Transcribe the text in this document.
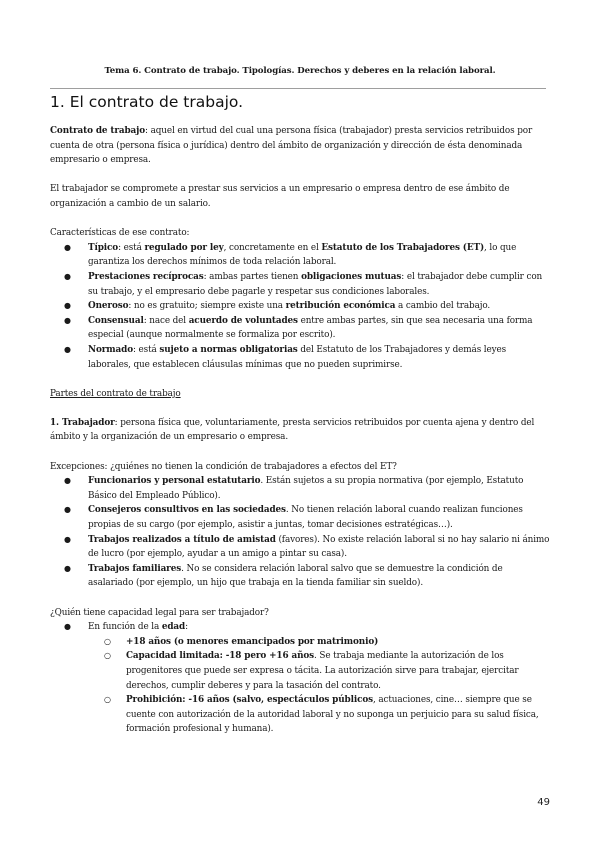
Tema 6. Contrato de trabajo. Tipologías. Derechos y deberes en la relación laboral.
1. El contrato de trabajo.

Contrato de trabajo: aquel en virtud del cual una persona física (trabajador) presta servicios retribuidos por cuenta de otra (persona física o jurídica) dentro del ámbito de organización y dirección de ésta denominada empresario o empresa.

El trabajador se compromete a prestar sus servicios a un empresario o empresa dentro de ese ámbito de organización a cambio de un salario.

Características de ese contrato:

● Típico: está regulado por ley, concretamente en el Estatuto de los Trabajadores (ET), lo que garantiza los derechos mínimos de toda relación laboral.
● Prestaciones recíprocas: ambas partes tienen obligaciones mutuas: el trabajador debe cumplir con su trabajo, y el empresario debe pagarle y respetar sus condiciones laborales.
● Oneroso: no es gratuito; siempre existe una retribución económica a cambio del trabajo.
● Consensual: nace del acuerdo de voluntades entre ambas partes, sin que sea necesaria una forma especial (aunque normalmente se formaliza por escrito).
● Normado: está sujeto a normas obligatorias del Estatuto de los Trabajadores y demás leyes laborales, que establecen cláusulas mínimas que no pueden suprimirse.

Partes del contrato de trabajo

1. Trabajador: persona física que, voluntariamente, presta servicios retribuidos por cuenta ajena y dentro del ámbito y la organización de un empresario o empresa.

Excepciones: ¿quiénes no tienen la condición de trabajadores a efectos del ET?

● Funcionarios y personal estatutario. Están sujetos a su propia normativa (por ejemplo, Estatuto Básico del Empleado Público).
● Consejeros consultivos en las sociedades. No tienen relación laboral cuando realizan funciones propias de su cargo (por ejemplo, asistir a juntas, tomar decisiones estratégicas…).
● Trabajos realizados a título de amistad (favores). No existe relación laboral si no hay salario ni ánimo de lucro (por ejemplo, ayudar a un amigo a pintar su casa).
● Trabajos familiares. No se considera relación laboral salvo que se demuestre la condición de asalariado (por ejemplo, un hijo que trabaja en la tienda familiar sin sueldo).

¿Quién tiene capacidad legal para ser trabajador?

● En función de la edad:
○ +18 años (o menores emancipados por matrimonio)
○ Capacidad limitada: -18 pero +16 años. Se trabaja mediante la autorización de los progenitores que puede ser expresa o tácita. La autorización sirve para trabajar, ejercitar derechos, cumplir deberes y para la tasación del contrato.
○ Prohibición: -16 años (salvo, espectáculos públicos, actuaciones, cine… siempre que se cuente con autorización de la autoridad laboral y no suponga un perjuicio para su salud física, formación profesional y humana).
49
